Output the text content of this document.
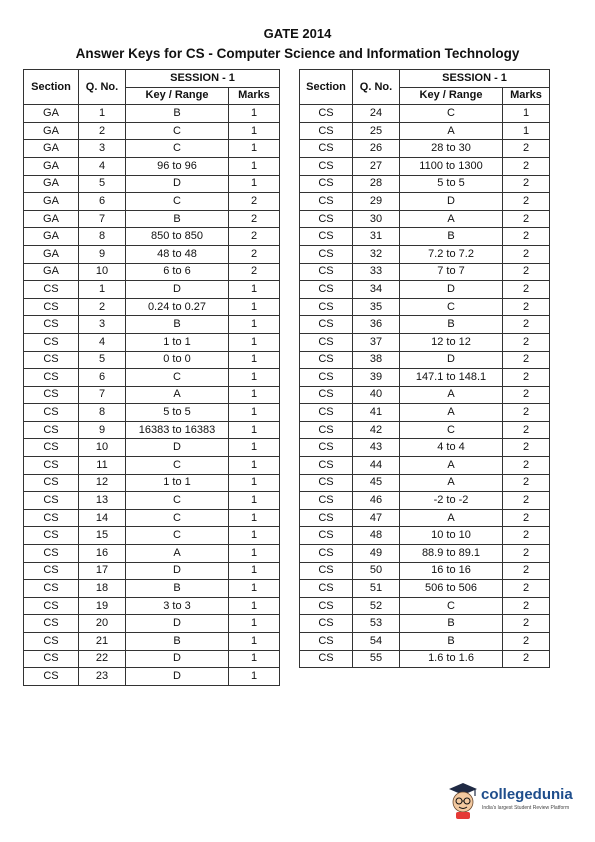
GATE 2014
Answer Keys for CS - Computer Science and Information Technology
Section	Q. No.	SESSION - 1	
		Key / Range	Marks
GA	1	B	1
GA	2	C	1
GA	3	C	1
GA	4	96 to 96	1
GA	5	D	1
GA	6	C	2
GA	7	B	2
GA	8	850 to 850	2
GA	9	48 to 48	2
GA	10	6 to 6	2
CS	1	D	1
CS	2	0.24 to 0.27	1
CS	3	B	1
CS	4	1 to 1	1
CS	5	0 to 0	1
CS	6	C	1
CS	7	A	1
CS	8	5 to 5	1
CS	9	16383 to 16383	1
CS	10	D	1
CS	11	C	1
CS	12	1 to 1	1
CS	13	C	1
CS	14	C	1
CS	15	C	1
CS	16	A	1
CS	17	D	1
CS	18	B	1
CS	19	3 to 3	1
CS	20	D	1
CS	21	B	1
CS	22	D	1
CS	23	D	1
Section	Q. No.	SESSION - 1	
		Key / Range	Marks
CS	24	C	1
CS	25	A	1
CS	26	28 to 30	2
CS	27	1100 to 1300	2
CS	28	5 to 5	2
CS	29	D	2
CS	30	A	2
CS	31	B	2
CS	32	7.2 to 7.2	2
CS	33	7 to 7	2
CS	34	D	2
CS	35	C	2
CS	36	B	2
CS	37	12 to 12	2
CS	38	D	2
CS	39	147.1 to 148.1	2
CS	40	A	2
CS	41	A	2
CS	42	C	2
CS	43	4 to 4	2
CS	44	A	2
CS	45	A	2
CS	46	-2 to -2	2
CS	47	A	2
CS	48	10 to 10	2
CS	49	88.9 to 89.1	2
CS	50	16 to 16	2
CS	51	506 to 506	2
CS	52	C	2
CS	53	B	2
CS	54	B	2
CS	55	1.6 to 1.6	2
collegedunia
India's largest Student Review Platform
